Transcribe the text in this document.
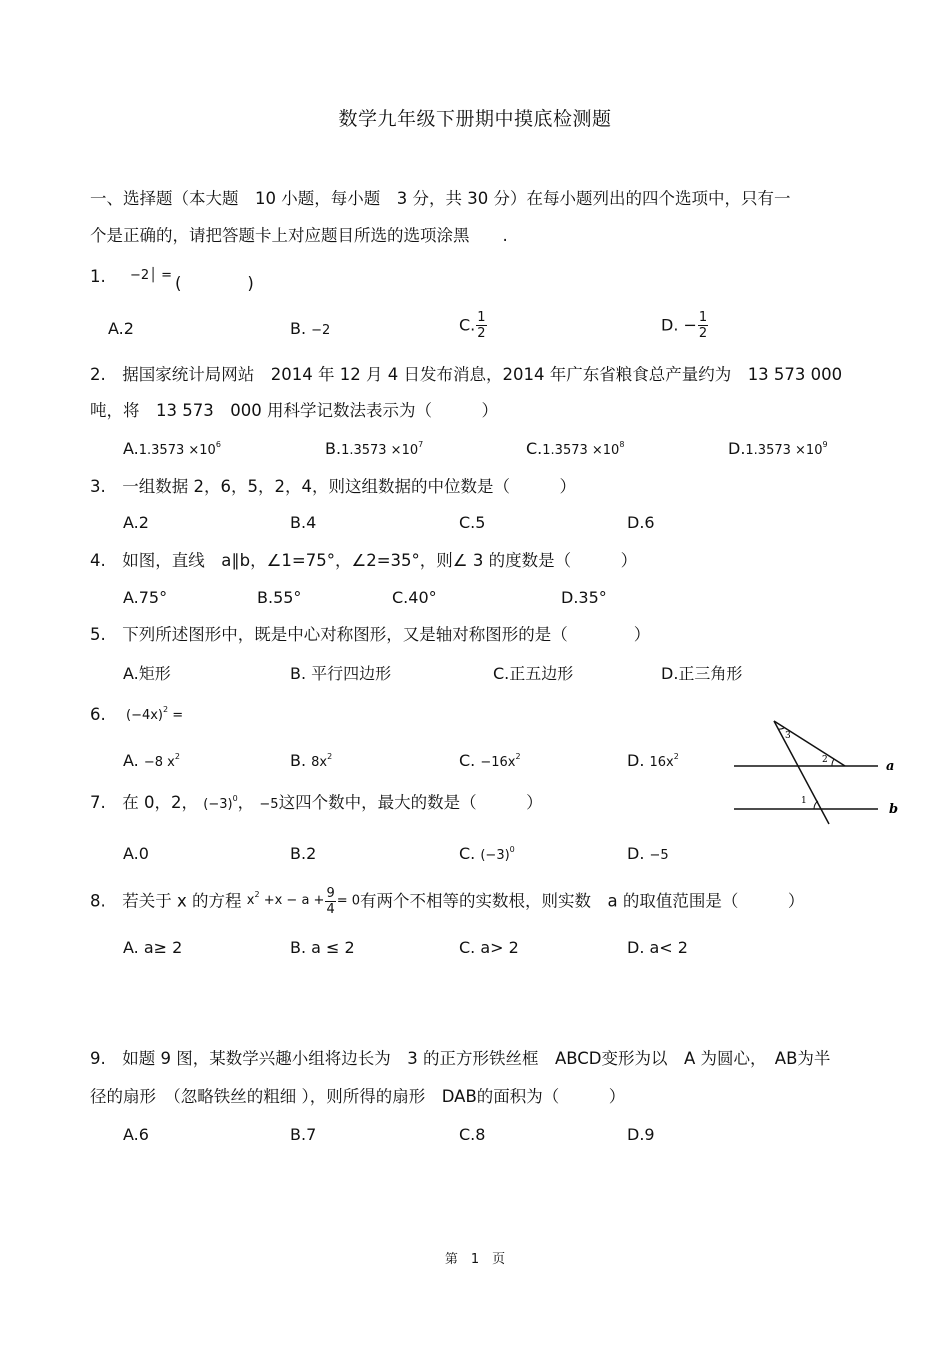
数学九年级下册期中摸底检测题
一、选择题（本大题　10 小题，每小题　3 分，共 30 分）在每小题列出的四个选项中，只有一
个是正确的，请把答题卡上对应题目所选的选项涂黑　　.
1. −2│ = (　　　　)
A.2	B. −2	C. $\frac{1}{2}$	D. − $\frac{1}{2}$
2.　据国家统计局网站　2014 年 12 月 4 日发布消息，2014 年广东省粮食总产量约为　13 573 000
吨，将　13 573　000 用科学记数法表示为（　　　）
$A.1.3573 \times 10^6$	$B.1.3573 \times 10^7$	$C.1.3573 \times 10^8$	$D.1.3573 \times 10^9$
3.　一组数据 2，6，5，2，4，则这组数据的中位数是（　　　）
A.2	B.4	C.5	D.6
4.　如图，直线　a∥b，∠1=75°，∠2=35°，则∠ 3 的度数是（　　　）
A.75°	B.55°	C.40°	D.35°
5.　下列所述图形中，既是中心对称图形，又是轴对称图形的是（　　　　）
A.矩形	B. 平行四边形	C.正五边形	D.正三角形
6. $(-4x)^2$ =
A. −8 $x^2$	B. $8x^2$	C. $-16x^2$	D. $16x^2$
3
2
1
a
b
7.　 在 0，2， $(-3)^0$， −5这四个数中，最大的数是（　　　）
A.0	B.2	C. $(-3)^0$	D. −5
8.　 若关于 x 的方程 $x^2 +x - a + \frac{9}{4} = 0$有两个不相等的实数根，则实数　a 的取值范围是（　　　）
A. a≥ 2	B. a ≤ 2	C. a> 2	D. a< 2
9.　如题 9 图，某数学兴趣小组将边长为　3 的正方形铁丝框　ABCD变形为以　A 为圆心，　AB为半
径的扇形　（忽略铁丝的粗细 ），则所得的扇形　DAB的面积为（　　　）
A.6	B.7	C.8	D.9
第　1　页
